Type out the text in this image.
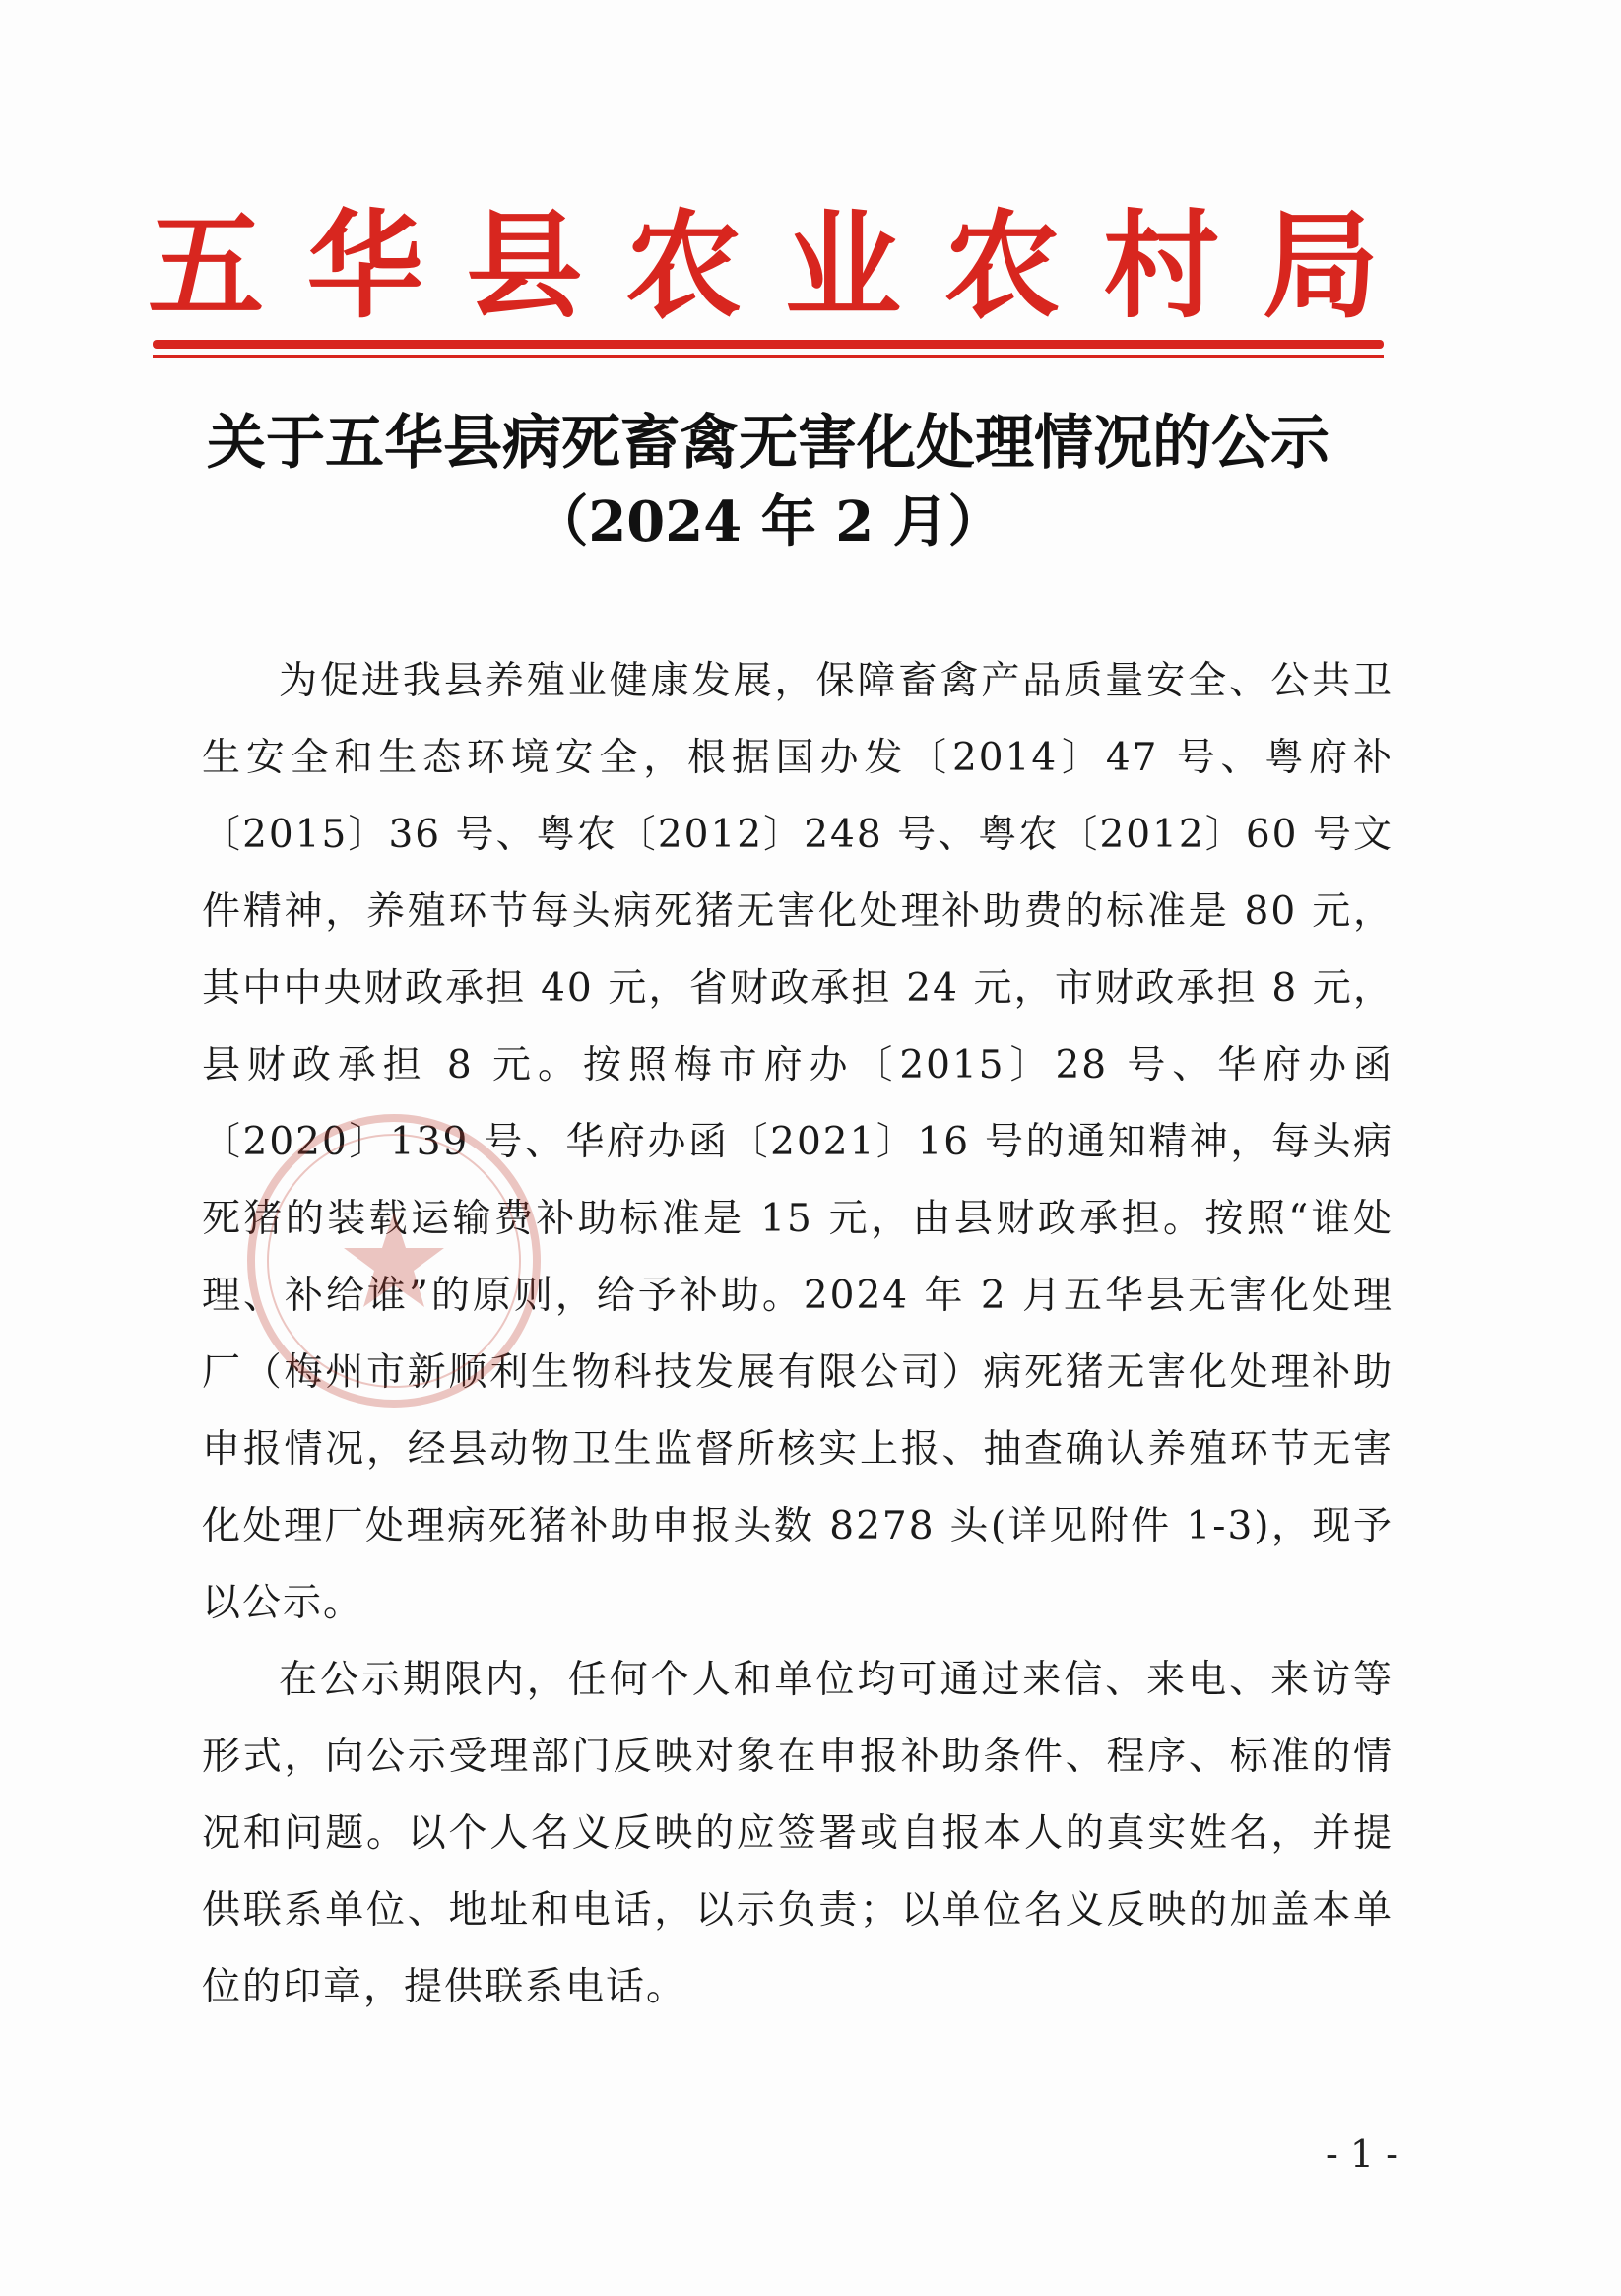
五 华 县 农 业 农 村 局
关于五华县病死畜禽无害化处理情况的公示
（2024 年 2 月）

为促进我县养殖业健康发展，保障畜禽产品质量安全、公共卫生安全和生态环境安全，根据国办发〔2014〕47 号、粤府补〔2015〕36 号、粤农〔2012〕248 号、粤农〔2012〕60 号文件精神，养殖环节每头病死猪无害化处理补助费的标准是 80 元，其中中央财政承担 40 元，省财政承担 24 元，市财政承担 8 元，县财政承担 8 元。按照梅市府办〔2015〕28 号、华府办函〔2020〕139 号、华府办函〔2021〕16 号的通知精神，每头病死猪的装载运输费补助标准是 15 元，由县财政承担。按照“谁处理、补给谁”的原则，给予补助。2024 年 2 月五华县无害化处理厂（梅州市新顺利生物科技发展有限公司）病死猪无害化处理补助申报情况，经县动物卫生监督所核实上报、抽查确认养殖环节无害化处理厂处理病死猪补助申报头数 8278 头(详见附件 1-3)，现予以公示。

在公示期限内，任何个人和单位均可通过来信、来电、来访等形式，向公示受理部门反映对象在申报补助条件、程序、标准的情况和问题。以个人名义反映的应签署或自报本人的真实姓名，并提供联系单位、地址和电话，以示负责；以单位名义反映的加盖本单位的印章，提供联系电话。

- 1 -
